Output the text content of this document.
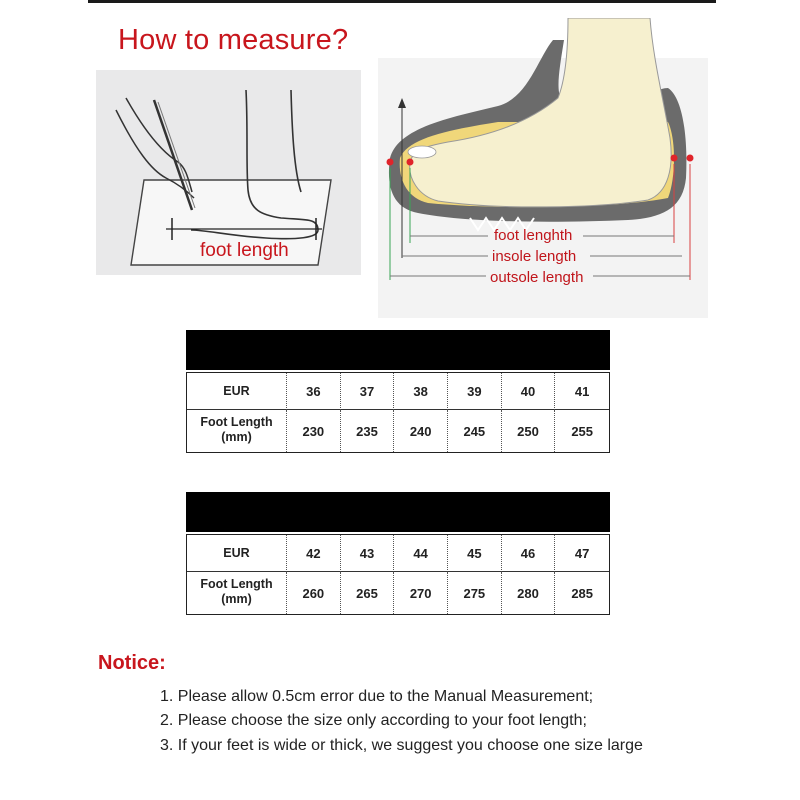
How to measure?
foot length
foot lenghth
insole length
outsole length
EUR	36	37	38	39	40	41
Foot Length
(mm)	230	235	240	245	250	255
EUR	42	43	44	45	46	47
Foot Length
(mm)	260	265	270	275	280	285
Notice:
1. Please allow 0.5cm error due to the Manual Measurement;
2. Please choose the size only according to your foot length;
3. If your feet is wide or thick, we suggest you choose one size large
